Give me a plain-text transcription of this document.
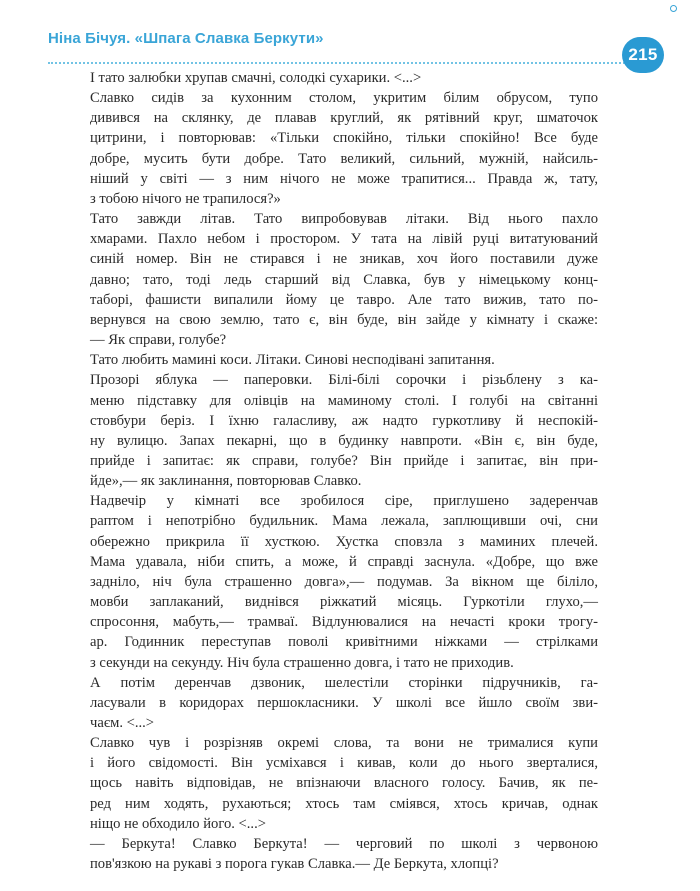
Ніна Бічуя. «Шпага Славка Беркути»
215

І тато залюбки хрупав смачні, солодкі сухарики. <...>

Славко сидів за кухонним столом, укритим білим обрусом, тупо
дивився на склянку, де плавав круглий, як рятівний круг, шматочок
цитрини, і повторював: «Тільки спокійно, тільки спокійно! Все буде
добре, мусить бути добре. Тато великий, сильний, мужній, найсиль-
ніший у світі — з ним нічого не може трапитися... Правда ж, тату,
з тобою нічого не трапилося?»

Тато завжди літав. Тато випробовував літаки. Від нього пахло
хмарами. Пахло небом і простором. У тата на лівій руці витатуюваний
синій номер. Він не стирався і не зникав, хоч його поставили дуже
давно; тато, тоді ледь старший від Славка, був у німецькому конц-
таборі, фашисти випалили йому це тавро. Але тато вижив, тато по-
вернувся на свою землю, тато є, він буде, він зайде у кімнату і скаже:
— Як справи, голубе?

Тато любить мамині коси. Літаки. Синові несподівані запитання.

Прозорі яблука — паперовки. Білі-білі сорочки і різьблену з ка-
меню підставку для олівців на маминому столі. І голубі на світанні
стовбури беріз. І їхню галасливу, аж надто гуркотливу й неспокій-
ну вулицю. Запах пекарні, що в будинку навпроти. «Він є, він буде,
прийде і запитає: як справи, голубе? Він прийде і запитає, він при-
йде»,— як заклинання, повторював Славко.

Надвечір у кімнаті все зробилося сіре, приглушено задеренчав
раптом і непотрібно будильник. Мама лежала, заплющивши очі, сни
обережно прикрила її хусткою. Хустка сповзла з маминих плечей.
Мама удавала, ніби спить, а може, й справді заснула. «Добре, що вже
задніло, ніч була страшенно довга»,— подумав. За вікном ще біліло,
мовби заплаканий, виднівся ріжкатий місяць. Гуркотіли глухо,—
спросоння, мабуть,— трамваї. Відлунювалися на нечасті кроки трогу-
ар. Годинник переступав поволі кривітними ніжками — стрілками
з секунди на секунду. Ніч була страшенно довга, і тато не приходив.

А потім деренчав дзвоник, шелестіли сторінки підручників, га-
ласували в коридорах першокласники. У школі все йшло своїм зви-
чаєм. <...>

Славко чув і розрізняв окремі слова, та вони не трималися купи
і його свідомості. Він усміхався і кивав, коли до нього зверталися,
щось навіть відповідав, не впізнаючи власного голосу. Бачив, як пе-
ред ним ходять, рухаються; хтось там сміявся, хтось кричав, однак
ніщо не обходило його. <...>

— Беркута! Славко Беркута! — черговий по школі з червоною
пов'язкою на рукаві з порога гукав Славка.— Де Беркута, хлопці?
